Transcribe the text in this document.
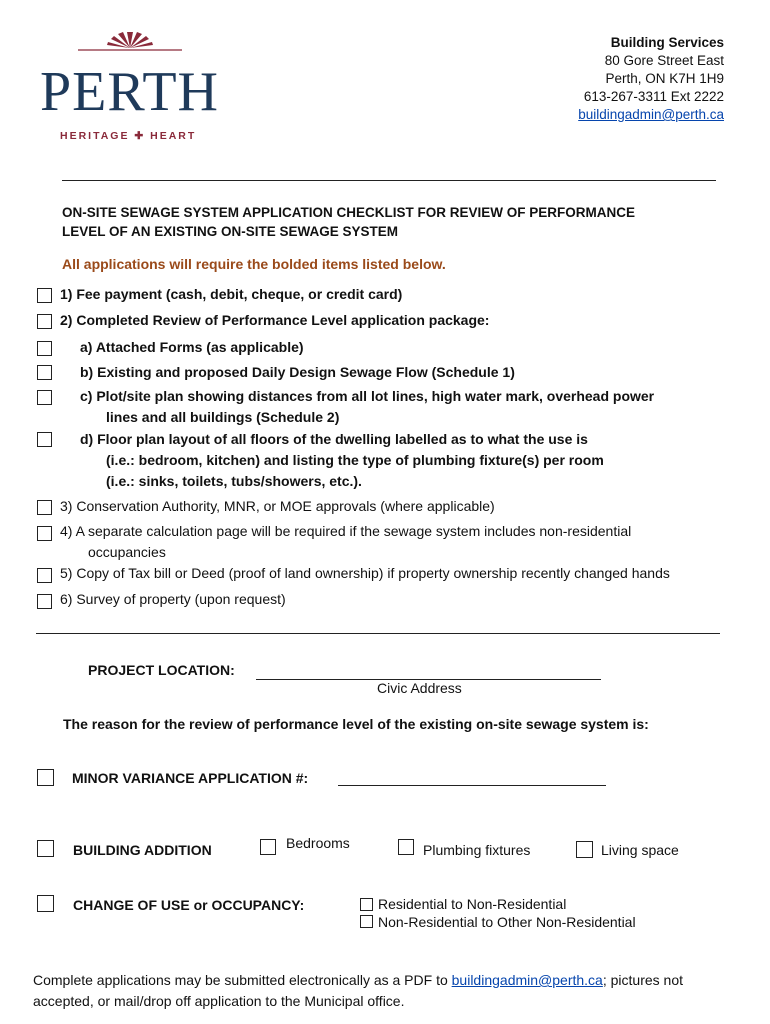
PERTH
HERITAGE ✚ HEART
Building Services
80 Gore Street East
Perth, ON K7H 1H9
613-267-3311 Ext 2222
buildingadmin@perth.ca
ON-SITE SEWAGE SYSTEM APPLICATION CHECKLIST FOR REVIEW OF PERFORMANCE
LEVEL OF AN EXISTING ON-SITE SEWAGE SYSTEM
All applications will require the bolded items listed below.
1) Fee payment (cash, debit, cheque, or credit card)
2) Completed Review of Performance Level application package:
a) Attached Forms (as applicable)
b) Existing and proposed Daily Design Sewage Flow (Schedule 1)
c) Plot/site plan showing distances from all lot lines, high water mark, overhead power
lines and all buildings (Schedule 2)
d) Floor plan layout of all floors of the dwelling labelled as to what the use is
(i.e.: bedroom, kitchen) and listing the type of plumbing fixture(s) per room
(i.e.: sinks, toilets, tubs/showers, etc.).
3) Conservation Authority, MNR, or MOE approvals (where applicable)
4) A separate calculation page will be required if the sewage system includes non-residential
occupancies
5) Copy of Tax bill or Deed (proof of land ownership) if property ownership recently changed hands
6) Survey of property (upon request)
PROJECT LOCATION:
Civic Address
The reason for the review of performance level of the existing on-site sewage system is:
MINOR VARIANCE APPLICATION #:
BUILDING ADDITION	Bedrooms	Plumbing fixtures	Living space
CHANGE OF USE or OCCUPANCY:	Residential to Non-Residential
Non-Residential to Other Non-Residential
Complete applications may be submitted electronically as a PDF to buildingadmin@perth.ca; pictures not
accepted, or mail/drop off application to the Municipal office.
